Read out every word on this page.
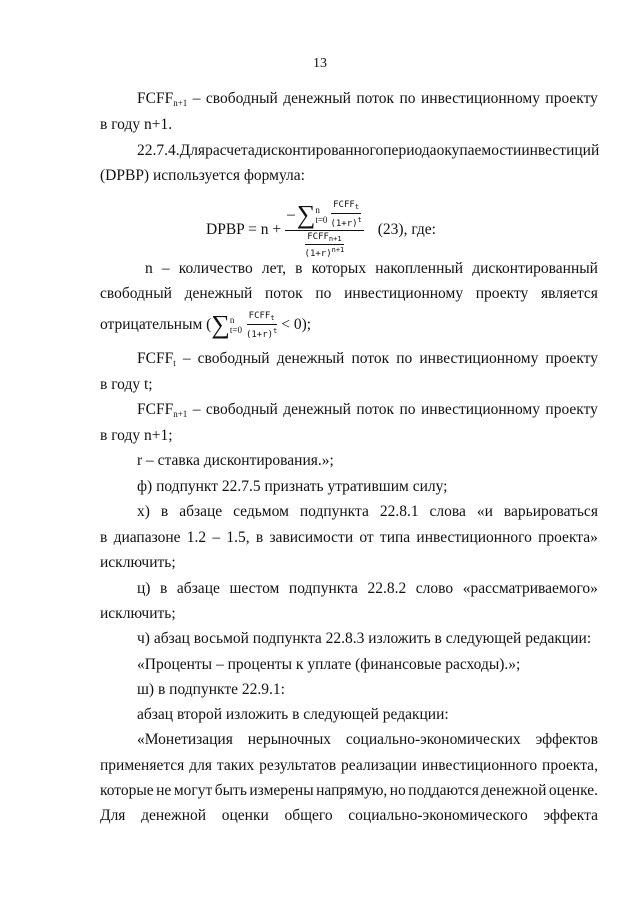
13
$FCFF_{n+1}$ – свободный денежный поток по инвестиционному проекту
в году n+1.
22.7.4. Для расчета дисконтированного периода окупаемости инвестиций
(DPBP) используется формула:
DPBP = n +
– ∑ n
$t=0 \frac{FCFF_t}{(1+r)^t}$
$FCFF_{n+1}$
$(1+r)^{n+1}$
(23), где:
n – количество лет, в которых накопленный дисконтированный
свободный денежный поток по инвестиционному проекту является
отрицательным ( ∑ n
$t=0 \frac{FCFF_t}{(1+r)^t} < 0$);
$FCFF_t$ – свободный денежный поток по инвестиционному проекту
в году t;
$FCFF_{n+1}$ – свободный денежный поток по инвестиционному проекту
в году n+1;
r – ставка дисконтирования.»;
ф) подпункт 22.7.5 признать утратившим силу;
х) в абзаце седьмом подпункта 22.8.1 слова «и варьироваться
в диапазоне 1.2 – 1.5, в зависимости от типа инвестиционного проекта»
исключить;
ц) в абзаце шестом подпункта 22.8.2 слово «рассматриваемого»
исключить;
ч) абзац восьмой подпункта 22.8.3 изложить в следующей редакции:
«Проценты – проценты к уплате (финансовые расходы).»;
ш) в подпункте 22.9.1:
абзац второй изложить в следующей редакции:
«Монетизация нерыночных социально-экономических эффектов
применяется для таких результатов реализации инвестиционного проекта,
которые не могут быть измерены напрямую, но поддаются денежной оценке.
Для денежной оценки общего социально-экономического эффекта
